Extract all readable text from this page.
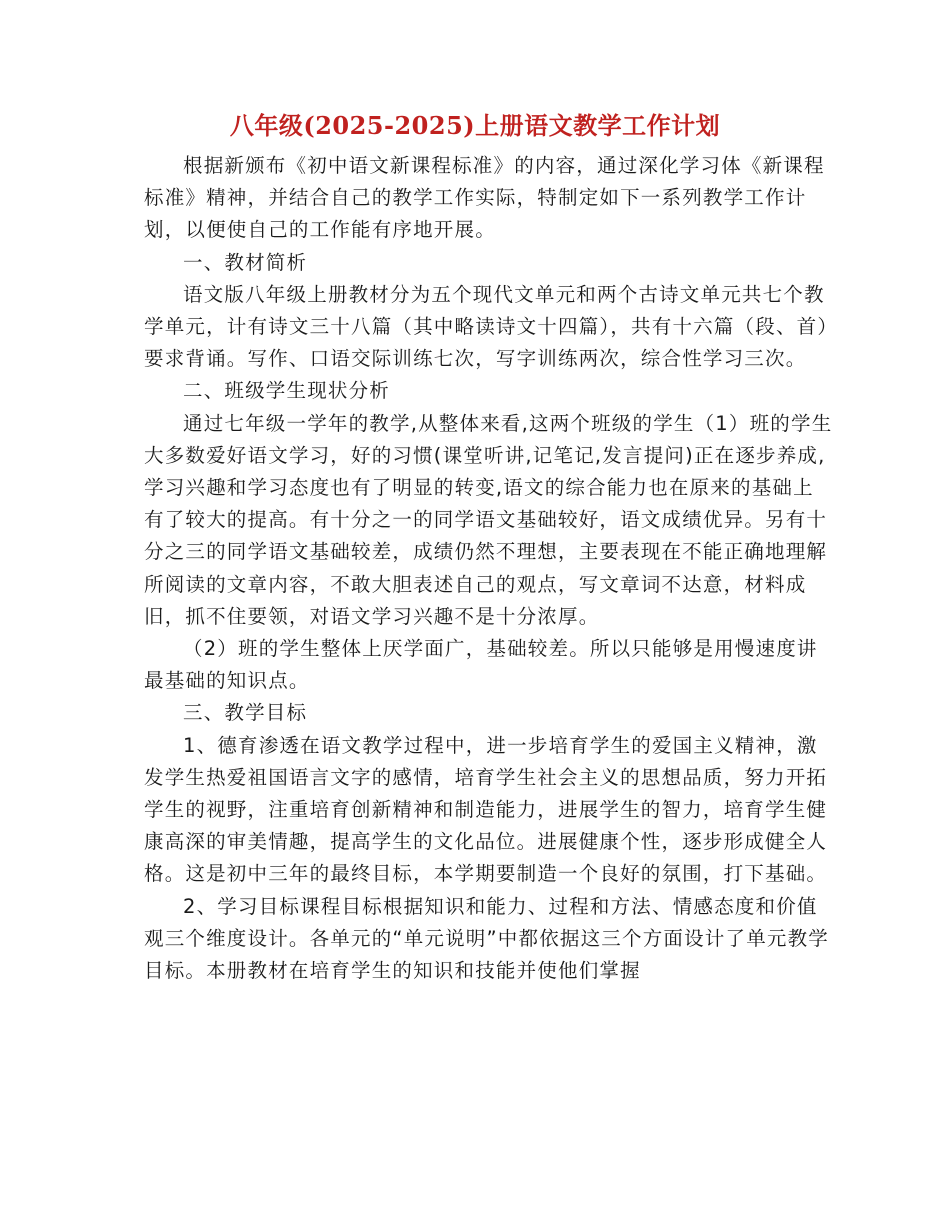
八年级(2025-2025)上册语文教学工作计划

根据新颁布《初中语文新课程标准》的内容，通过深化学习体《新课程标准》精神，并结合自己的教学工作实际，特制定如下一系列教学工作计划，以便使自己的工作能有序地开展。

一、教材简析

语文版八年级上册教材分为五个现代文单元和两个古诗文单元共七个教学单元，计有诗文三十八篇（其中略读诗文十四篇），共有十六篇（段、首）要求背诵。写作、口语交际训练七次，写字训练两次，综合性学习三次。

二、班级学生现状分析

通过七年级一学年的教学,从整体来看,这两个班级的学生（1）班的学生大多数爱好语文学习，好的习惯(课堂听讲,记笔记,发言提问)正在逐步养成,学习兴趣和学习态度也有了明显的转变,语文的综合能力也在原来的基础上有了较大的提高。有十分之一的同学语文基础较好，语文成绩优异。另有十分之三的同学语文基础较差，成绩仍然不理想，主要表现在不能正确地理解所阅读的文章内容，不敢大胆表述自己的观点，写文章词不达意，材料成旧，抓不住要领，对语文学习兴趣不是十分浓厚。

（2）班的学生整体上厌学面广，基础较差。所以只能够是用慢速度讲最基础的知识点。

三、教学目标

1、德育渗透在语文教学过程中，进一步培育学生的爱国主义精神，激发学生热爱祖国语言文字的感情，培育学生社会主义的思想品质，努力开拓学生的视野，注重培育创新精神和制造能力，进展学生的智力，培育学生健康高深的审美情趣，提高学生的文化品位。进展健康个性，逐步形成健全人格。这是初中三年的最终目标，本学期要制造一个良好的氛围，打下基础。

2、学习目标课程目标根据知识和能力、过程和方法、情感态度和价值观三个维度设计。各单元的“单元说明”中都依据这三个方面设计了单元教学目标。本册教材在培育学生的知识和技能并使他们掌握
